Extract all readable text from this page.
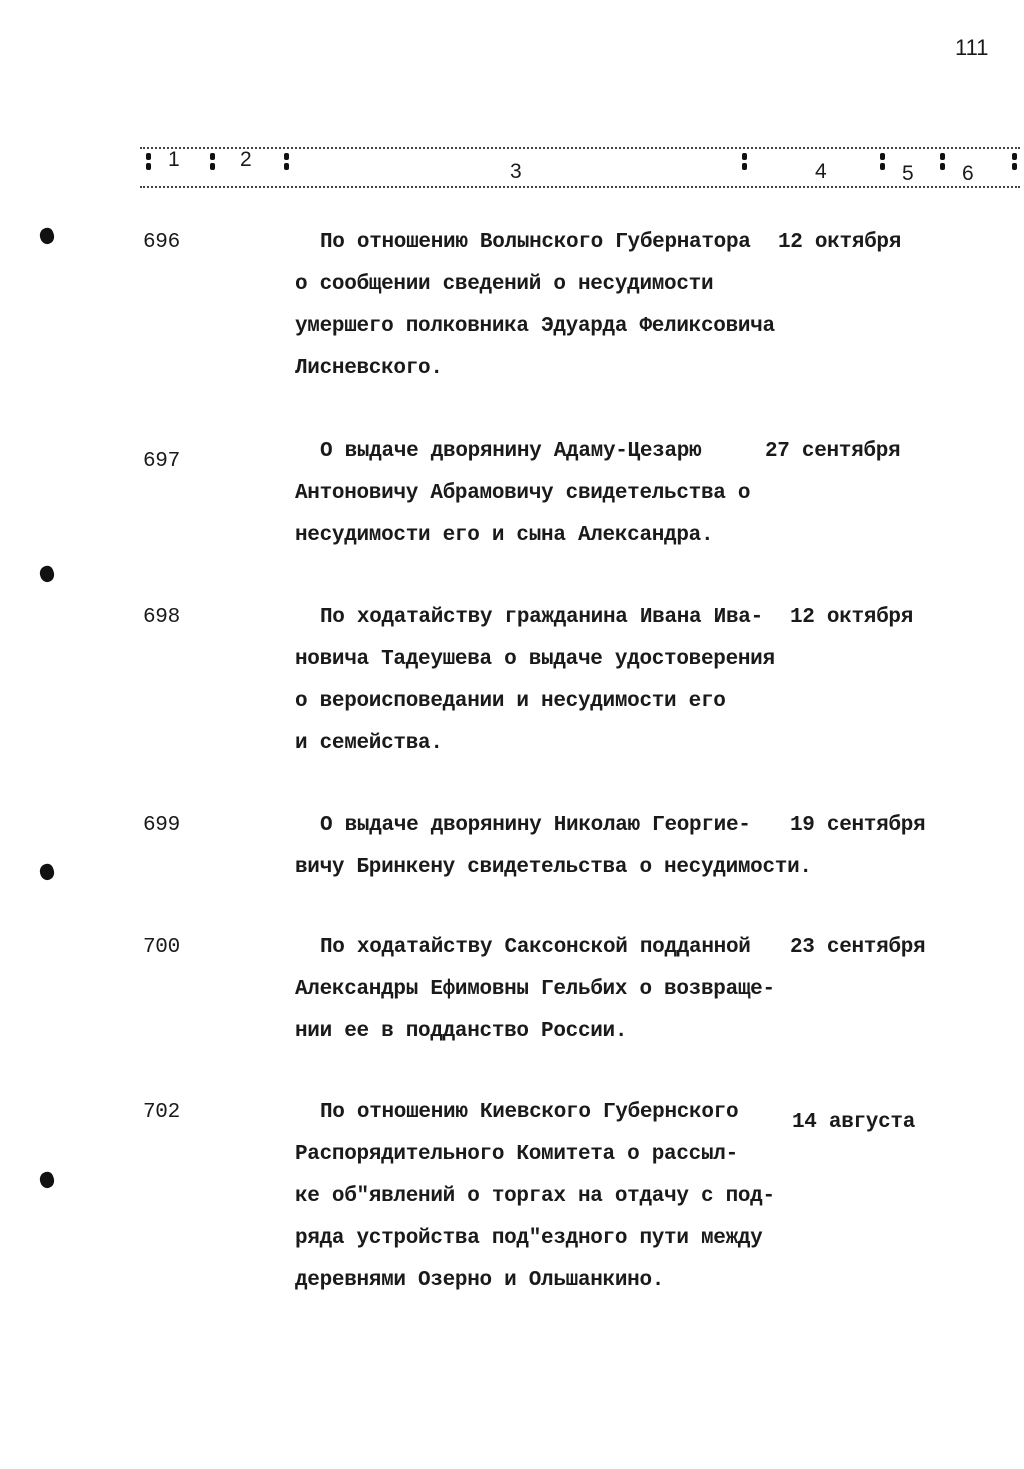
111
1	2
3	4	5 6
696	По отношению Волынского Губернатора
о сообщении сведений о несудимости
умершего полковника Эдуарда Феликсовича
Лисневского.
12 октября
697	О выдаче дворянину Адаму-Цезарю
Антоновичу Абрамовичу свидетельства о
несудимости его и сына Александра.
27 сентября
698	По ходатайству гражданина Ивана Ива-
новича Тадеушева о выдаче удостоверения
о вероисповедании и несудимости его
и семейства.
12 октября
699	О выдаче дворянину Николаю Георгие-
вичу Бринкену свидетельства о несудимости.
19 сентября
700	По ходатайству Саксонской подданной
Александры Ефимовны Гельбих о возвраще-
нии ее в подданство России.
23 сентября
702	По отношению Киевского Губернского
Распорядительного Комитета о рассыл-
ке об"явлений о торгах на отдачу с под-
ряда устройства под"ездного пути между
деревнями Озерно и Ольшанкино.
14 августа
